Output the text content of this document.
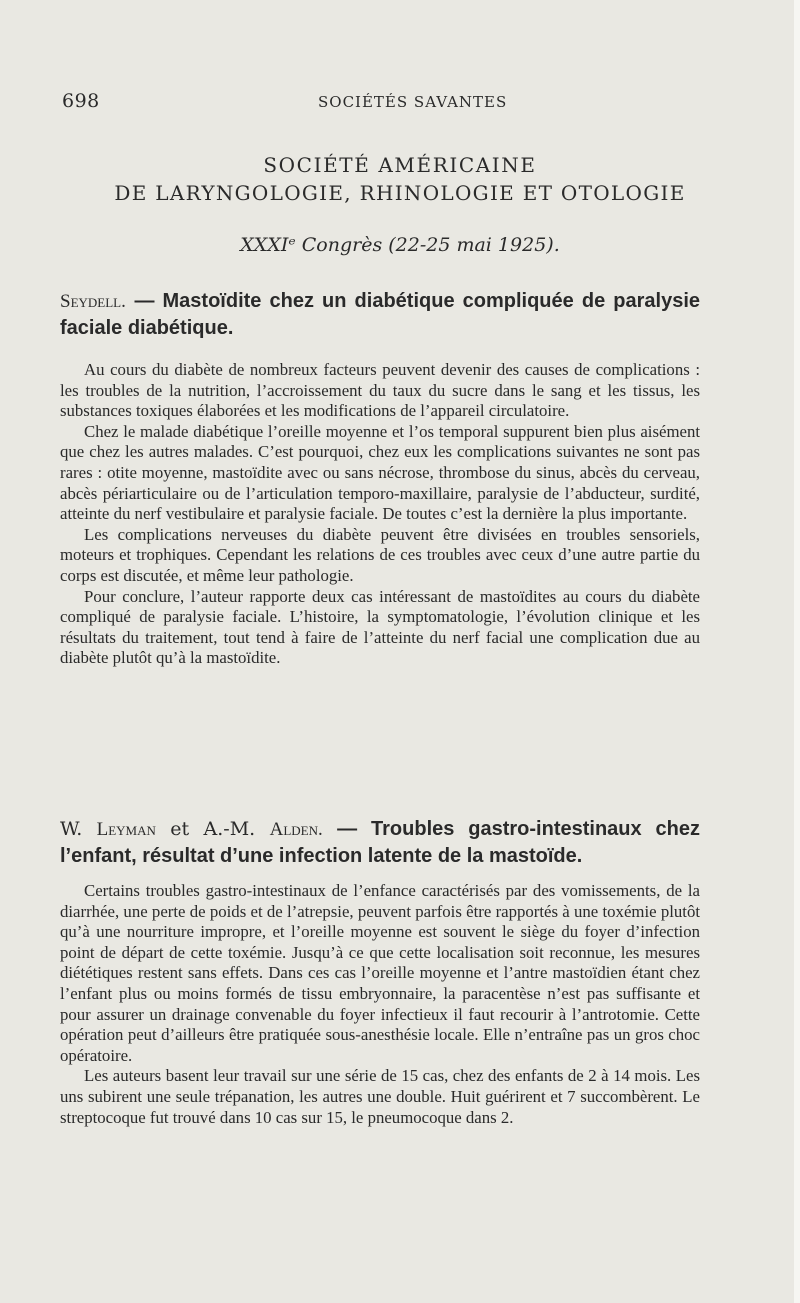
698	SOCIÉTÉS SAVANTES
SOCIÉTÉ AMÉRICAINE
DE LARYNGOLOGIE, RHINOLOGIE ET OTOLOGIE
XXXIᵉ Congrès (22-25 mai 1925).
Seydell. — Mastoïdite chez un diabétique compliquée de paralysie faciale diabétique.

Au cours du diabète de nombreux facteurs peuvent devenir des causes de complications : les troubles de la nutrition, l’accroissement du taux du sucre dans le sang et les tissus, les substances toxiques élaborées et les modifications de l’appareil circulatoire.

Chez le malade diabétique l’oreille moyenne et l’os temporal suppurent bien plus aisément que chez les autres malades. C’est pourquoi, chez eux les complications suivantes ne sont pas rares : otite moyenne, mastoïdite avec ou sans nécrose, thrombose du sinus, abcès du cerveau, abcès périarticulaire ou de l’articulation temporo-maxillaire, paralysie de l’abducteur, surdité, atteinte du nerf vestibulaire et paralysie faciale. De toutes c’est la dernière la plus importante.

Les complications nerveuses du diabète peuvent être divisées en troubles sensoriels, moteurs et trophiques. Cependant les relations de ces troubles avec ceux d’une autre partie du corps est discutée, et même leur pathologie.

Pour conclure, l’auteur rapporte deux cas intéressant de mastoïdites au cours du diabète compliqué de paralysie faciale. L’histoire, la symptomatologie, l’évolution clinique et les résultats du traitement, tout tend à faire de l’atteinte du nerf facial une complication due au diabète plutôt qu’à la mastoïdite.

W. Leyman et A.-M. Alden. — Troubles gastro-intestinaux chez l’enfant, résultat d’une infection latente de la mastoïde.

Certains troubles gastro-intestinaux de l’enfance caractérisés par des vomissements, de la diarrhée, une perte de poids et de l’atrepsie, peuvent parfois être rapportés à une toxémie plutôt qu’à une nourriture impropre, et l’oreille moyenne est souvent le siège du foyer d’infection point de départ de cette toxémie. Jusqu’à ce que cette localisation soit reconnue, les mesures diététiques restent sans effets. Dans ces cas l’oreille moyenne et l’antre mastoïdien étant chez l’enfant plus ou moins formés de tissu embryonnaire, la paracentèse n’est pas suffisante et pour assurer un drainage convenable du foyer infectieux il faut recourir à l’antrotomie. Cette opération peut d’ailleurs être pratiquée sous-anesthésie locale. Elle n’entraîne pas un gros choc opératoire.

Les auteurs basent leur travail sur une série de 15 cas, chez des enfants de 2 à 14 mois. Les uns subirent une seule trépanation, les autres une double. Huit guérirent et 7 succombèrent. Le streptocoque fut trouvé dans 10 cas sur 15, le pneumocoque dans 2.
